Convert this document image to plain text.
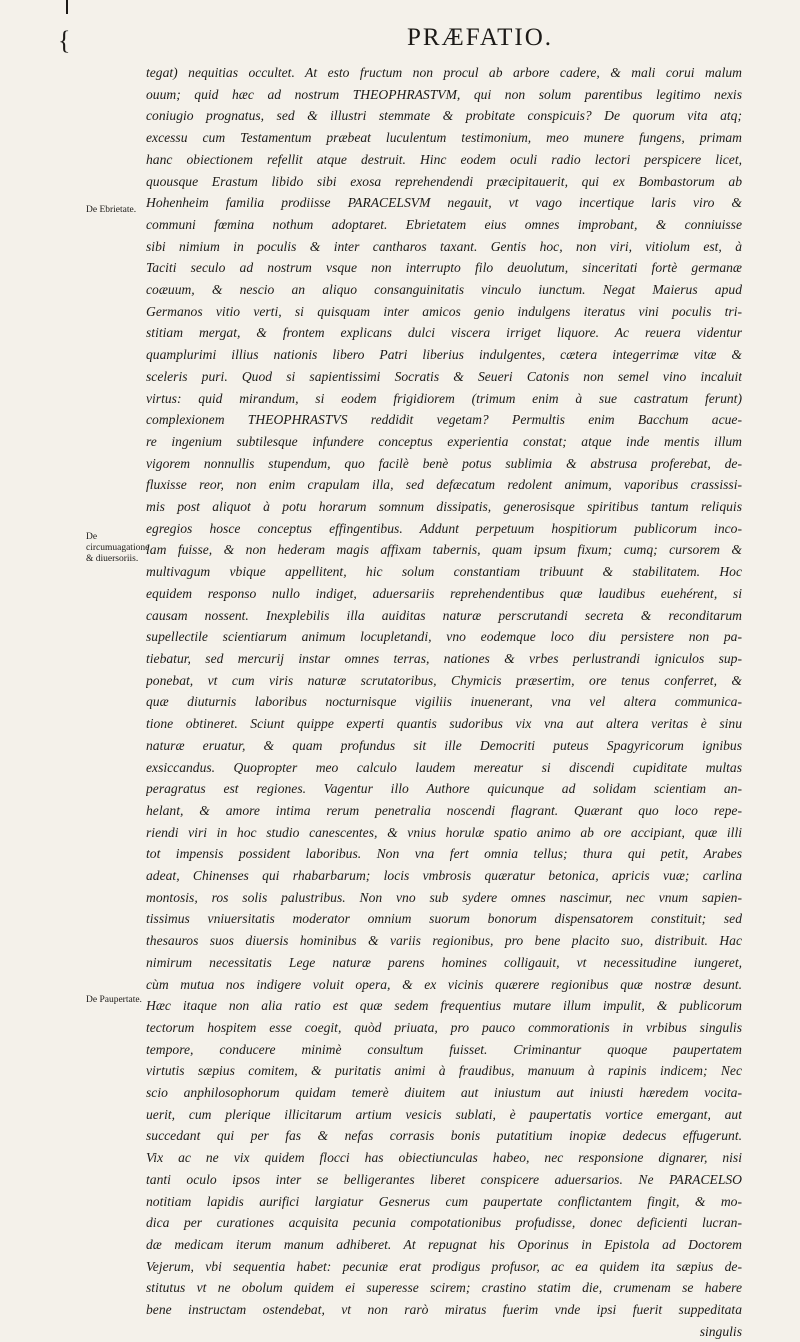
{	PRÆFATIO.
De Ebrietate.
De circumuagatione & diuersoriis.
De Paupertate.
tegat) nequitias occultet. At esto fructum non procul ab arbore cadere, & mali corui malum
ouum; quid hæc ad nostrum THEOPHRASTVM, qui non solum parentibus legitimo nexis
coniugio prognatus, sed & illustri stemmate & probitate conspicuis? De quorum vita atq;
excessu cum Testamentum præbeat luculentum testimonium, meo munere fungens, primam
hanc obiectionem refellit atque destruit. Hinc eodem oculi radio lectori perspicere licet,
quousque Erastum libido sibi exosa reprehendendi præcipitauerit, qui ex Bombastorum ab
Hohenheim familia prodiisse PARACELSVM negauit, vt vago incertique laris viro &
communi fœmina nothum adoptaret. Ebrietatem eius omnes improbant, & conniuisse
sibi nimium in poculis & inter cantharos taxant. Gentis hoc, non viri, vitiolum est, à
Taciti seculo ad nostrum vsque non interrupto filo deuolutum, sinceritati fortè germanæ
coæuum, & nescio an aliquo consanguinitatis vinculo iunctum. Negat Maierus apud
Germanos vitio verti, si quisquam inter amicos genio indulgens iteratus vini poculis tri-
stitiam mergat, & frontem explicans dulci viscera irriget liquore. Ac reuera videntur
quamplurimi illius nationis libero Patri liberius indulgentes, cætera integerrimæ vitæ &
sceleris puri. Quod si sapientissimi Socratis & Seueri Catonis non semel vino incaluit
virtus: quid mirandum, si eodem frigidiorem (trimum enim à sue castratum ferunt)
complexionem THEOPHRASTVS reddidit vegetam? Permultis enim Bacchum acue-
re ingenium subtilesque infundere conceptus experientia constat; atque inde mentis illum
vigorem nonnullis stupendum, quo facilè benè potus sublimia & abstrusa proferebat, de-
fluxisse reor, non enim crapulam illa, sed defæcatum redolent animum, vaporibus crassissi-
mis post aliquot à potu horarum somnum dissipatis, generosisque spiritibus tantum reliquis
egregios hosce conceptus effingentibus. Addunt perpetuum hospitiorum publicorum inco-
lam fuisse, & non hederam magis affixam tabernis, quam ipsum fixum; cumq; cursorem &
multivagum vbique appellitent, hic solum constantiam tribuunt & stabilitatem. Hoc
equidem responso nullo indiget, aduersariis reprehendentibus quæ laudibus euehérent, si
causam nossent. Inexplebilis illa auiditas naturæ perscrutandi secreta & reconditarum
supellectile scientiarum animum locupletandi, vno eodemque loco diu persistere non pa-
tiebatur, sed mercurij instar omnes terras, nationes & vrbes perlustrandi igniculos sup-
ponebat, vt cum viris naturæ scrutatoribus, Chymicis præsertim, ore tenus conferret, &
quæ diuturnis laboribus nocturnisque vigiliis inuenerant, vna vel altera communica-
tione obtineret. Sciunt quippe experti quantis sudoribus vix vna aut altera veritas è sinu
naturæ eruatur, & quam profundus sit ille Democriti puteus Spagyricorum ignibus
exsiccandus. Quopropter meo calculo laudem mereatur si discendi cupiditate multas
peragratus est regiones. Vagentur illo Authore quicunque ad solidam scientiam an-
helant, & amore intima rerum penetralia noscendi flagrant. Quærant quo loco repe-
riendi viri in hoc studio canescentes, & vnius horulæ spatio animo ab ore accipiant, quæ illi
tot impensis possident laboribus. Non vna fert omnia tellus; thura qui petit, Arabes
adeat, Chinenses qui rhabarbarum; locis vmbrosis quæratur betonica, apricis vuæ; carlina
montosis, ros solis palustribus. Non vno sub sydere omnes nascimur, nec vnum sapien-
tissimus vniuersitatis moderator omnium suorum bonorum dispensatorem constituit; sed
thesauros suos diuersis hominibus & variis regionibus, pro bene placito suo, distribuit. Hac
nimirum necessitatis Lege naturæ parens homines colligauit, vt necessitudine iungeret,
cùm mutua nos indigere voluit opera, & ex vicinis quærere regionibus quæ nostræ desunt.
Hæc itaque non alia ratio est quæ sedem frequentius mutare illum impulit, & publicorum
tectorum hospitem esse coegit, quòd priuata, pro pauco commorationis in vrbibus singulis
tempore, conducere minimè consultum fuisset. Criminantur quoque paupertatem
virtutis sæpius comitem, & puritatis animi à fraudibus, manuum à rapinis indicem; Nec
scio anphilosophorum quidam temerè diuitem aut iniustum aut iniusti hæredem vocita-
uerit, cum plerique illicitarum artium vesicis sublati, è paupertatis vortice emergant, aut
succedant qui per fas & nefas corrasis bonis putatitium inopiæ dedecus effugerunt.
Vix ac ne vix quidem flocci has obiectiunculas habeo, nec responsione dignarer, nisi
tanti oculo ipsos inter se belligerantes liberet conspicere aduersarios. Ne PARACELSO
notitiam lapidis aurifici largiatur Gesnerus cum paupertate conflictantem fingit, & mo-
dica per curationes acquisita pecunia compotationibus profudisse, donec deficienti lucran-
dæ medicam iterum manum adhiberet. At repugnat his Oporinus in Epistola ad Doctorem
Vejerum, vbi sequentia habet: pecuniæ erat prodigus profusor, ac ea quidem ita sæpius de-
stitutus vt ne obolum quidem ei superesse scirem; crastino statim die, crumenam se habere
bene instructam ostendebat, vt non rarò miratus fuerim vnde ipsi fuerit suppeditata
singulis
